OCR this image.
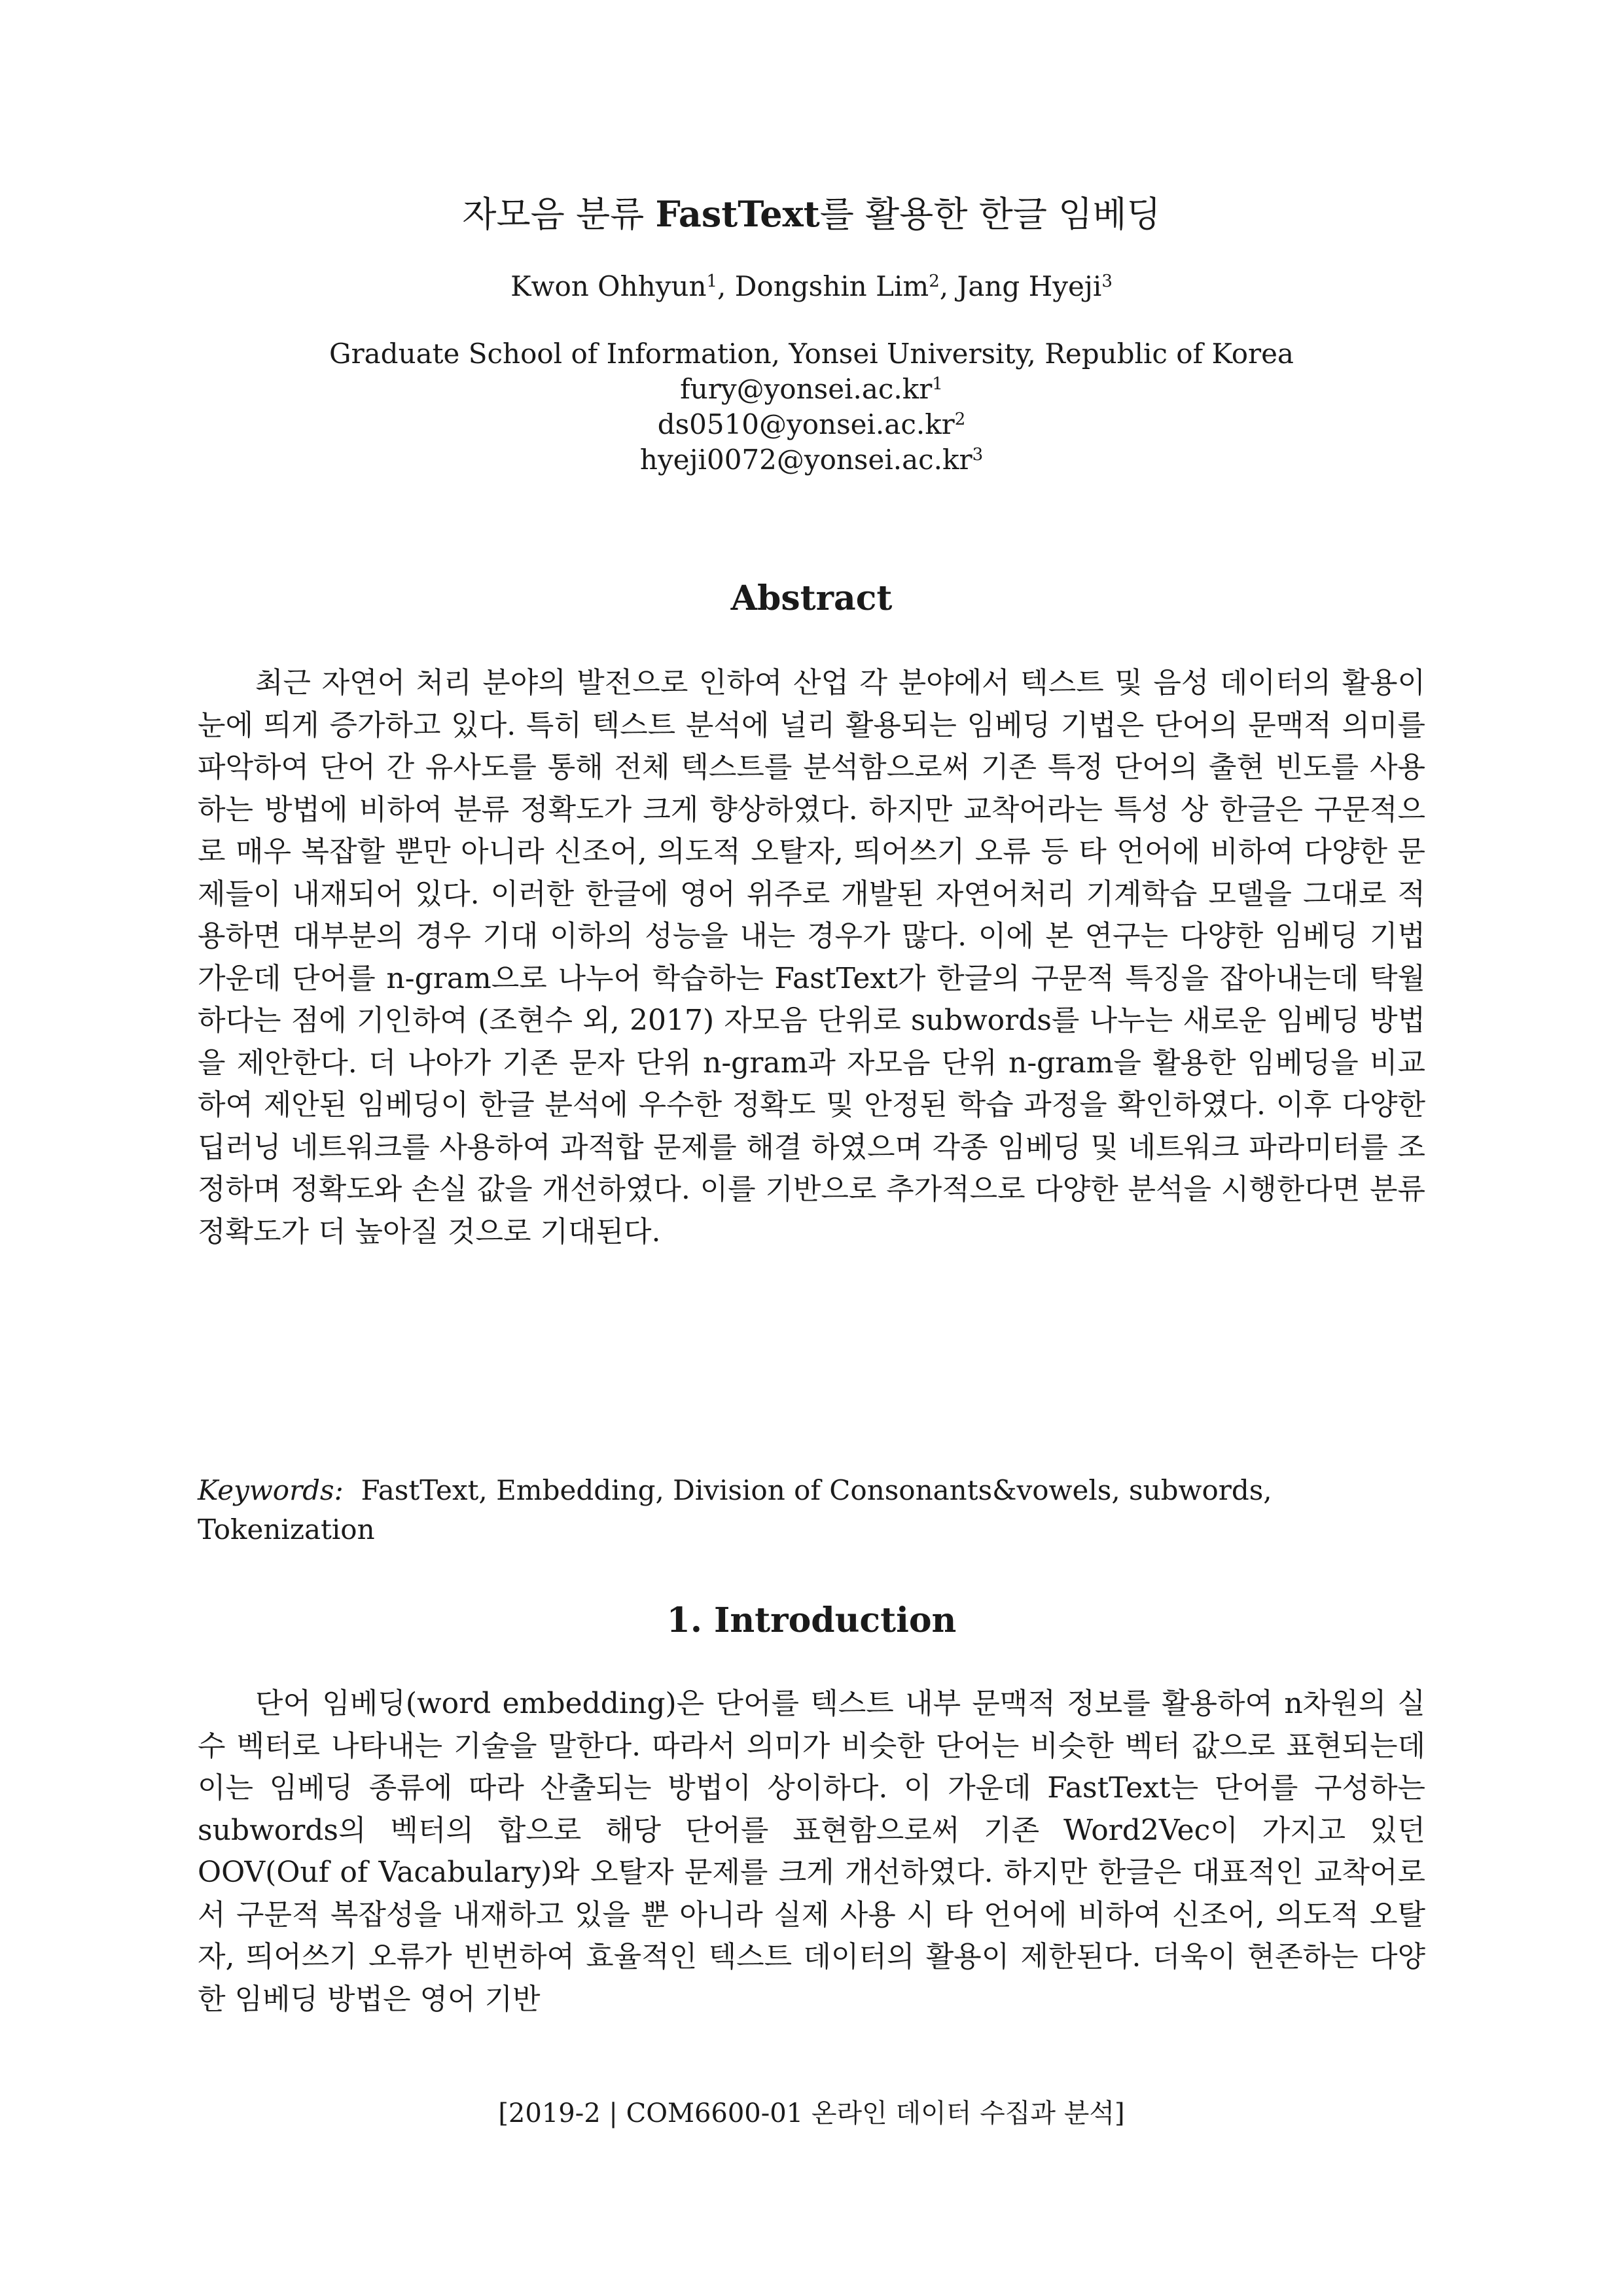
자모음 분류 FastText를 활용한 한글 임베딩
Kwon Ohhyun$^1$, Dongshin Lim$^2$, Jang Hyeji$^3$
Graduate School of Information, Yonsei University, Republic of Korea
$fury@yonsei.ac.kr^1$
$ds0510@yonsei.ac.kr^2$
$hyeji0072@yonsei.ac.kr^3$
Abstract
최근 자연어 처리 분야의 발전으로 인하여 산업 각 분야에서 텍스트 및 음성 데이터의 활용이 눈에 띄게 증가하고 있다. 특히 텍스트 분석에 널리 활용되는 임베딩 기법은 단어의 문맥적 의미를 파악하여 단어 간 유사도를 통해 전체 텍스트를 분석함으로써 기존 특정 단어의 출현 빈도를 사용하는 방법에 비하여 분류 정확도가 크게 향상하였다. 하지만 교착어라는 특성 상 한글은 구문적으로 매우 복잡할 뿐만 아니라 신조어, 의도적 오탈자, 띄어쓰기 오류 등 타 언어에 비하여 다양한 문제들이 내재되어 있다. 이러한 한글에 영어 위주로 개발된 자연어처리 기계학습 모델을 그대로 적용하면 대부분의 경우 기대 이하의 성능을 내는 경우가 많다. 이에 본 연구는 다양한 임베딩 기법 가운데 단어를 n-gram으로 나누어 학습하는 FastText가 한글의 구문적 특징을 잡아내는데 탁월하다는 점에 기인하여 (조현수 외, 2017) 자모음 단위로 subwords를 나누는 새로운 임베딩 방법을 제안한다. 더 나아가 기존 문자 단위 n-gram과 자모음 단위 n-gram을 활용한 임베딩을 비교하여 제안된 임베딩이 한글 분석에 우수한 정확도 및 안정된 학습 과정을 확인하였다. 이후 다양한 딥러닝 네트워크를 사용하여 과적합 문제를 해결 하였으며 각종 임베딩 및 네트워크 파라미터를 조정하며 정확도와 손실 값을 개선하였다. 이를 기반으로 추가적으로 다양한 분석을 시행한다면 분류 정확도가 더 높아질 것으로 기대된다.
Keywords: FastText, Embedding, Division of Consonants&vowels, subwords, Tokenization
1. Introduction
단어 임베딩(word embedding)은 단어를 텍스트 내부 문맥적 정보를 활용하여 n차원의 실수 벡터로 나타내는 기술을 말한다. 따라서 의미가 비슷한 단어는 비슷한 벡터 값으로 표현되는데 이는 임베딩 종류에 따라 산출되는 방법이 상이하다. 이 가운데 FastText는 단어를 구성하는 subwords의 벡터의 합으로 해당 단어를 표현함으로써 기존 Word2Vec이 가지고 있던 OOV(Ouf of Vacabulary)와 오탈자 문제를 크게 개선하였다. 하지만 한글은 대표적인 교착어로서 구문적 복잡성을 내재하고 있을 뿐 아니라 실제 사용 시 타 언어에 비하여 신조어, 의도적 오탈자, 띄어쓰기 오류가 빈번하여 효율적인 텍스트 데이터의 활용이 제한된다. 더욱이 현존하는 다양한 임베딩 방법은 영어 기반
[2019-2 | COM6600-01 온라인 데이터 수집과 분석]
